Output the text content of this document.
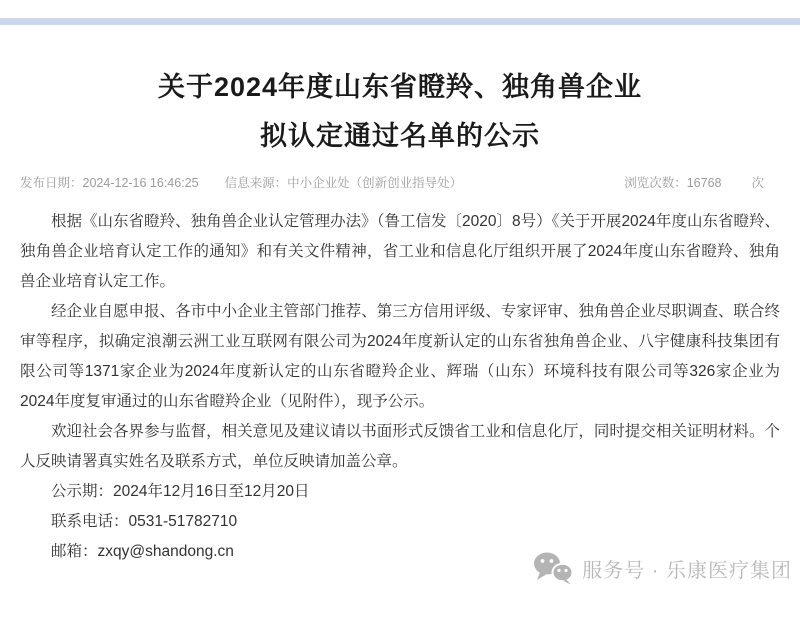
关于2024年度山东省瞪羚、独角兽企业
拟认定通过名单的公示
发布日期：2024-12-16 16:46:25 信息来源：中小企业处（创新创业指导处）	浏览次数：16768 次

根据《山东省瞪羚、独角兽企业认定管理办法》（鲁工信发〔2020〕8号）《关于开展2024年度山东省瞪羚、独角兽企业培育认定工作的通知》和有关文件精神，省工业和信息化厅组织开展了2024年度山东省瞪羚、独角兽企业培育认定工作。

经企业自愿申报、各市中小企业主管部门推荐、第三方信用评级、专家评审、独角兽企业尽职调查、联合终审等程序，拟确定浪潮云洲工业互联网有限公司为2024年度新认定的山东省独角兽企业、八宇健康科技集团有限公司等1371家企业为2024年度新认定的山东省瞪羚企业、辉瑞（山东）环境科技有限公司等326家企业为2024年度复审通过的山东省瞪羚企业（见附件），现予公示。

欢迎社会各界参与监督，相关意见及建议请以书面形式反馈省工业和信息化厅，同时提交相关证明材料。个人反映请署真实姓名及联系方式，单位反映请加盖公章。

公示期：2024年12月16日至12月20日

联系电话：0531-51782710

邮箱：zxqy@shandong.cn

服务号 · 乐康医疗集团
